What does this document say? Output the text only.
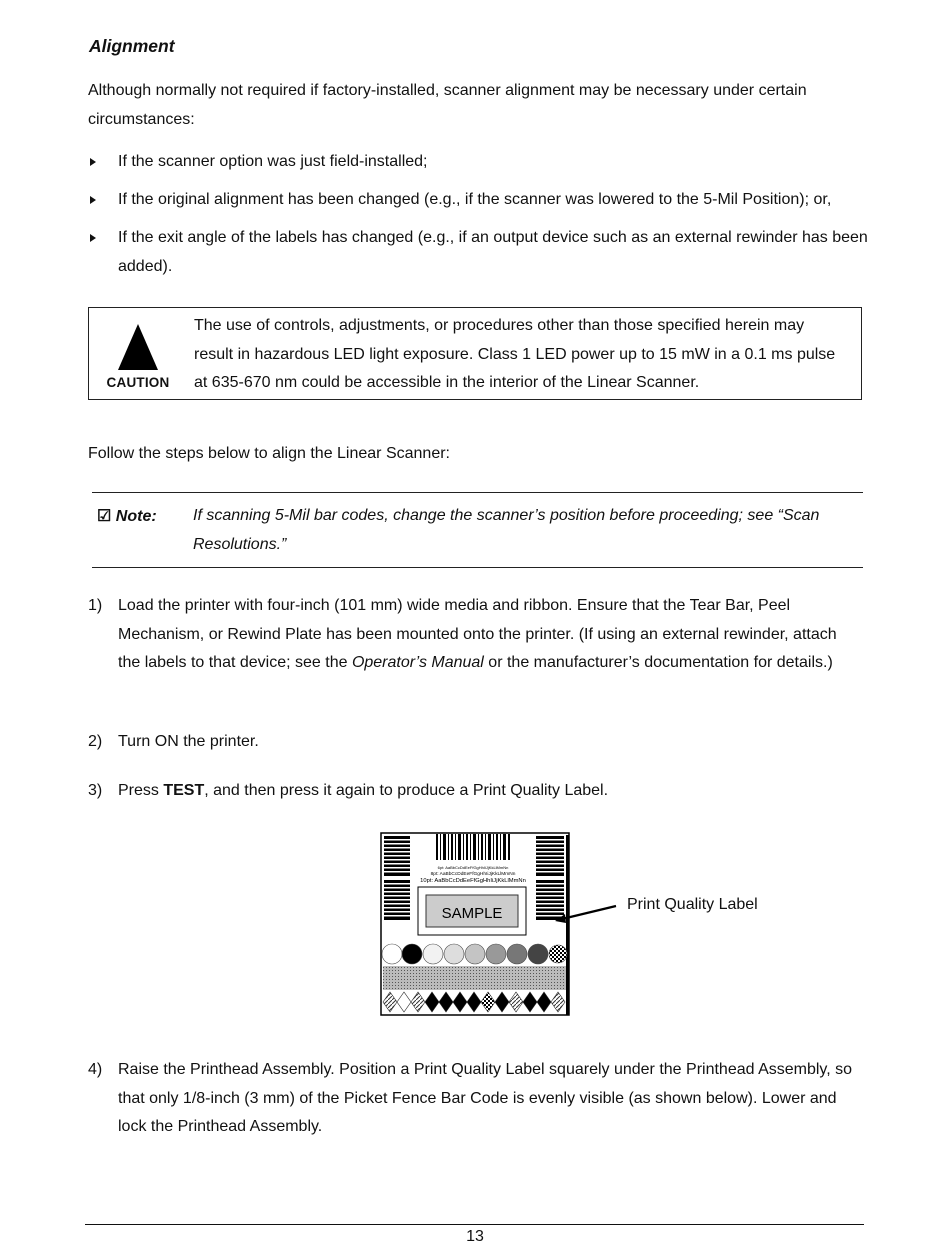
Alignment
Although normally not required if factory-installed, scanner alignment may be necessary under certain circumstances:
If the scanner option was just field-installed;
If the original alignment has been changed (e.g., if the scanner was lowered to the 5-Mil Position); or,
If the exit angle of the labels has changed (e.g., if an output device such as an external rewinder has been added).
CAUTION
The use of controls, adjustments, or procedures other than those specified herein may result in hazardous LED light exposure. Class 1 LED power up to 15 mW in a 0.1 ms pulse at 635-670 nm could be accessible in the interior of the Linear Scanner.
Follow the steps below to align the Linear Scanner:
☑ Note: If scanning 5-Mil bar codes, change the scanner’s position before proceeding; see “Scan Resolutions.”
1) Load the printer with four-inch (101 mm) wide media and ribbon. Ensure that the Tear Bar, Peel Mechanism, or Rewind Plate has been mounted onto the printer. (If using an external rewinder, attach the labels to that device; see the Operator’s Manual or the manufacturer’s documentation for details.)
2) Turn ON the printer.
3) Press TEST, and then press it again to produce a Print Quality Label.
4) Raise the Printhead Assembly. Position a Print Quality Label squarely under the Printhead Assembly, so that only 1/8-inch (3 mm) of the Picket Fence Bar Code is evenly visible (as shown below). Lower and lock the Printhead Assembly.
6pt: AaBbCcDdEeFfGgHhIiJjKkLlMmNn
8pt: AaBbCcDdEeFfGgHhIiJjKkLlMmNn
10pt: AaBbCcDdEeFfGgHhIiJjKkLlMmNn
SAMPLE
Print Quality Label
13
